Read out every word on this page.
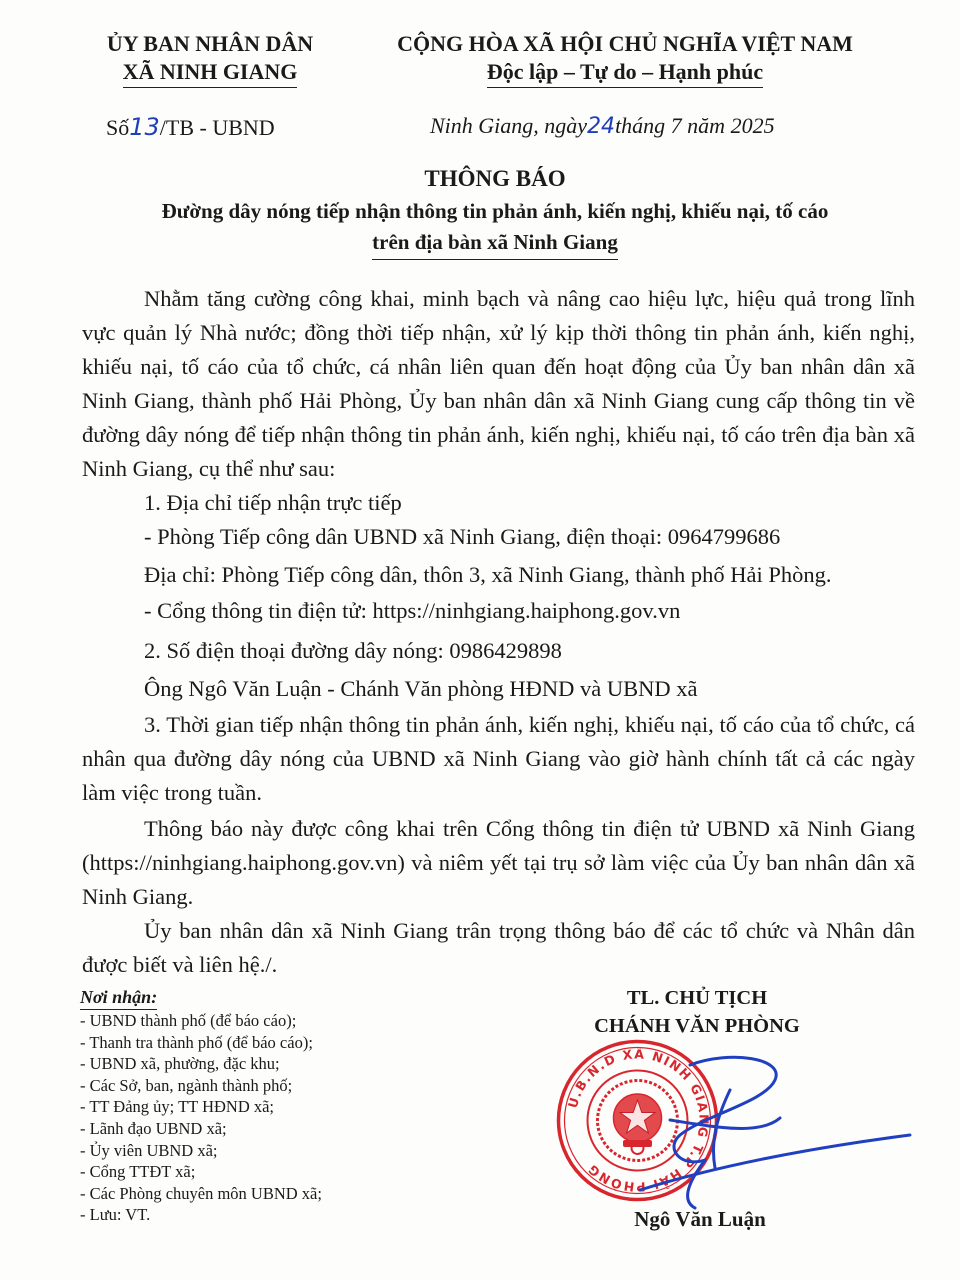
ỦY BAN NHÂN DÂN
XÃ NINH GIANG
CỘNG HÒA XÃ HỘI CHỦ NGHĨA VIỆT NAM
Độc lập – Tự do – Hạnh phúc
Số13/TB - UBND	Ninh Giang, ngày24tháng 7 năm 2025
THÔNG BÁO
Đường dây nóng tiếp nhận thông tin phản ánh, kiến nghị, khiếu nại, tố cáo
trên địa bàn xã Ninh Giang
Nhằm tăng cường công khai, minh bạch và nâng cao hiệu lực, hiệu quả trong lĩnh vực quản lý Nhà nước; đồng thời tiếp nhận, xử lý kịp thời thông tin phản ánh, kiến nghị, khiếu nại, tố cáo của tổ chức, cá nhân liên quan đến hoạt động của Ủy ban nhân dân xã Ninh Giang, thành phố Hải Phòng, Ủy ban nhân dân xã Ninh Giang cung cấp thông tin về đường dây nóng để tiếp nhận thông tin phản ánh, kiến nghị, khiếu nại, tố cáo trên địa bàn xã Ninh Giang, cụ thể như sau:
1. Địa chỉ tiếp nhận trực tiếp
- Phòng Tiếp công dân UBND xã Ninh Giang, điện thoại: 0964799686
Địa chỉ: Phòng Tiếp công dân, thôn 3, xã Ninh Giang, thành phố Hải Phòng.
- Cổng thông tin điện tử: https://ninhgiang.haiphong.gov.vn
2. Số điện thoại đường dây nóng: 0986429898
Ông Ngô Văn Luận - Chánh Văn phòng HĐND và UBND xã
3. Thời gian tiếp nhận thông tin phản ánh, kiến nghị, khiếu nại, tố cáo của tổ chức, cá nhân qua đường dây nóng của UBND xã Ninh Giang vào giờ hành chính tất cả các ngày làm việc trong tuần.
Thông báo này được công khai trên Cổng thông tin điện tử UBND xã Ninh Giang (https://ninhgiang.haiphong.gov.vn) và niêm yết tại trụ sở làm việc của Ủy ban nhân dân xã Ninh Giang.
Ủy ban nhân dân xã Ninh Giang trân trọng thông báo để các tổ chức và Nhân dân được biết và liên hệ./.
Nơi nhận:
- UBND thành phố (để báo cáo);
- Thanh tra thành phố (để báo cáo);
- UBND xã, phường, đặc khu;
- Các Sở, ban, ngành thành phố;
- TT Đảng ủy; TT HĐND xã;
- Lãnh đạo UBND xã;
- Ủy viên UBND xã;
- Cổng TTĐT xã;
- Các Phòng chuyên môn UBND xã;
- Lưu: VT.
TL. CHỦ TỊCH
CHÁNH VĂN PHÒNG
U.B.N.D XÃ NINH GIANG T.P HẢI PHÒNG
Ngô Văn Luận
